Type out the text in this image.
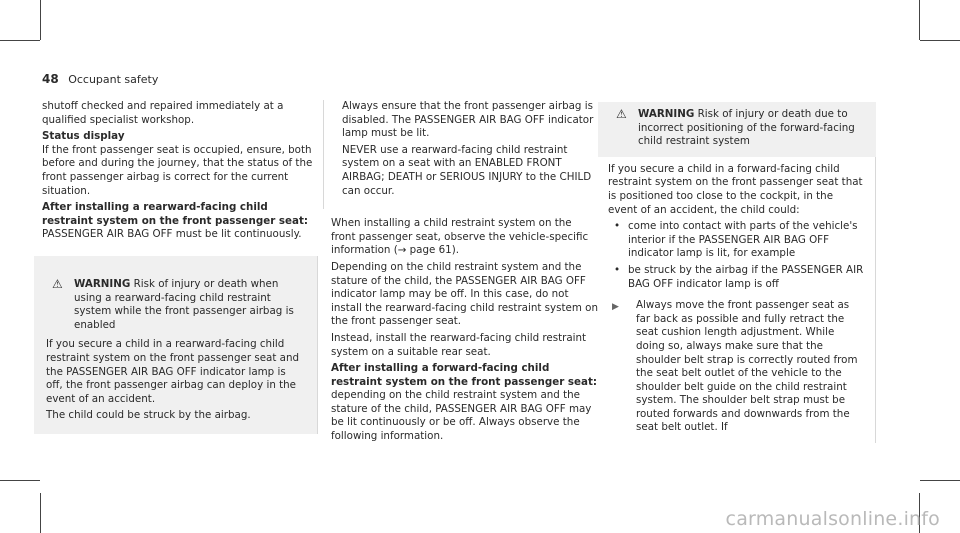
48 Occupant safety

shutoff checked and repaired immediately at a qualified specialist workshop.

Status display

If the front passenger seat is occupied, ensure, both before and during the journey, that the status of the front passenger airbag is correct for the current situation.

After installing a rearward-facing child restraint system on the front passenger seat: PASSENGER AIR BAG OFF must be lit continuously.

⚠	WARNING Risk of injury or death when using a rearward-facing child restraint system while the front passenger airbag is enabled

If you secure a child in a rearward-facing child restraint system on the front passenger seat and the PASSENGER AIR BAG OFF indicator lamp is off, the front passenger airbag can deploy in the event of an accident.

The child could be struck by the airbag.

Always ensure that the front passenger airbag is disabled. The PASSENGER AIR BAG OFF indicator lamp must be lit.

NEVER use a rearward-facing child restraint system on a seat with an ENABLED FRONT AIRBAG; DEATH or SERIOUS INJURY to the CHILD can occur.

When installing a child restraint system on the front passenger seat, observe the vehicle-specific information (→ page 61).

Depending on the child restraint system and the stature of the child, the PASSENGER AIR BAG OFF indicator lamp may be off. In this case, do not install the rearward-facing child restraint system on the front passenger seat.

Instead, install the rearward-facing child restraint system on a suitable rear seat.

After installing a forward-facing child restraint system on the front passenger seat: depending on the child restraint system and the stature of the child, PASSENGER AIR BAG OFF may be lit continuously or be off. Always observe the following information.

⚠	WARNING Risk of injury or death due to incorrect positioning of the forward-facing child restraint system

If you secure a child in a forward-facing child restraint system on the front passenger seat that is positioned too close to the cockpit, in the event of an accident, the child could:

• come into contact with parts of the vehicle's interior if the PASSENGER AIR BAG OFF indicator lamp is lit, for example
• be struck by the airbag if the PASSENGER AIR BAG OFF indicator lamp is off
▶	Always move the front passenger seat as far back as possible and fully retract the seat cushion length adjustment. While doing so, always make sure that the shoulder belt strap is correctly routed from the seat belt outlet of the vehicle to the shoulder belt guide on the child restraint system. The shoulder belt strap must be routed forwards and downwards from the seat belt outlet. If
carmanualsonline.info
